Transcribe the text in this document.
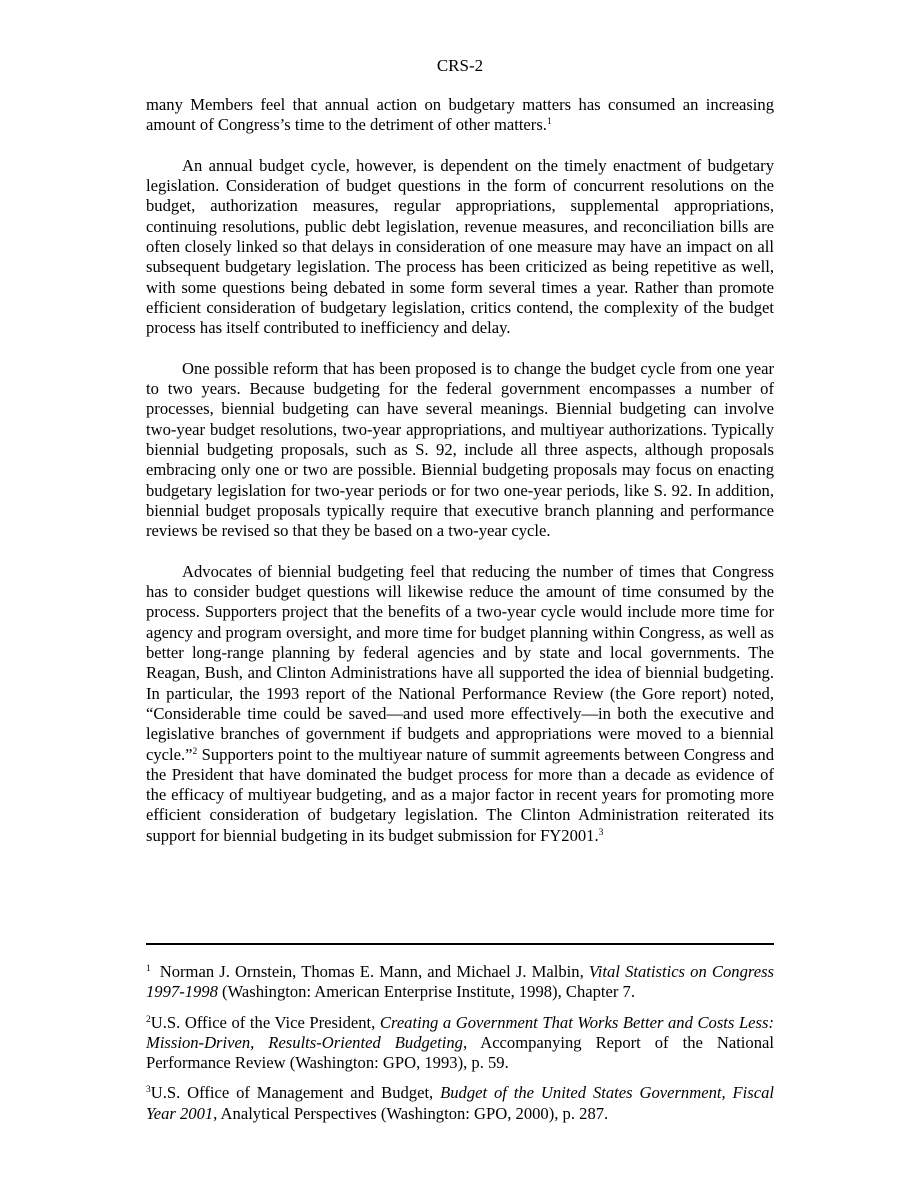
CRS-2

many Members feel that annual action on budgetary matters has consumed an increasing amount of Congress’s time to the detriment of other matters.$^1$

An annual budget cycle, however, is dependent on the timely enactment of budgetary legislation. Consideration of budget questions in the form of concurrent resolutions on the budget, authorization measures, regular appropriations, supplemental appropriations, continuing resolutions, public debt legislation, revenue measures, and reconciliation bills are often closely linked so that delays in consideration of one measure may have an impact on all subsequent budgetary legislation. The process has been criticized as being repetitive as well, with some questions being debated in some form several times a year. Rather than promote efficient consideration of budgetary legislation, critics contend, the complexity of the budget process has itself contributed to inefficiency and delay.

One possible reform that has been proposed is to change the budget cycle from one year to two years. Because budgeting for the federal government encompasses a number of processes, biennial budgeting can have several meanings. Biennial budgeting can involve two-year budget resolutions, two-year appropriations, and multiyear authorizations. Typically biennial budgeting proposals, such as S. 92, include all three aspects, although proposals embracing only one or two are possible. Biennial budgeting proposals may focus on enacting budgetary legislation for two-year periods or for two one-year periods, like S. 92. In addition, biennial budget proposals typically require that executive branch planning and performance reviews be revised so that they be based on a two-year cycle.

Advocates of biennial budgeting feel that reducing the number of times that Congress has to consider budget questions will likewise reduce the amount of time consumed by the process. Supporters project that the benefits of a two-year cycle would include more time for agency and program oversight, and more time for budget planning within Congress, as well as better long-range planning by federal agencies and by state and local governments. The Reagan, Bush, and Clinton Administrations have all supported the idea of biennial budgeting. In particular, the 1993 report of the National Performance Review (the Gore report) noted, “Considerable time could be saved—and used more effectively—in both the executive and legislative branches of government if budgets and appropriations were moved to a biennial cycle.”$^2$ Supporters point to the multiyear nature of summit agreements between Congress and the President that have dominated the budget process for more than a decade as evidence of the efficacy of multiyear budgeting, and as a major factor in recent years for promoting more efficient consideration of budgetary legislation. The Clinton Administration reiterated its support for biennial budgeting in its budget submission for FY2001.$^3$

$^1$ Norman J. Ornstein, Thomas E. Mann, and Michael J. Malbin, Vital Statistics on Congress 1997-1998 (Washington: American Enterprise Institute, 1998), Chapter 7.

$^2$U.S. Office of the Vice President, Creating a Government That Works Better and Costs Less: Mission-Driven, Results-Oriented Budgeting, Accompanying Report of the National Performance Review (Washington: GPO, 1993), p. 59.

$^3$U.S. Office of Management and Budget, Budget of the United States Government, Fiscal Year 2001, Analytical Perspectives (Washington: GPO, 2000), p. 287.
